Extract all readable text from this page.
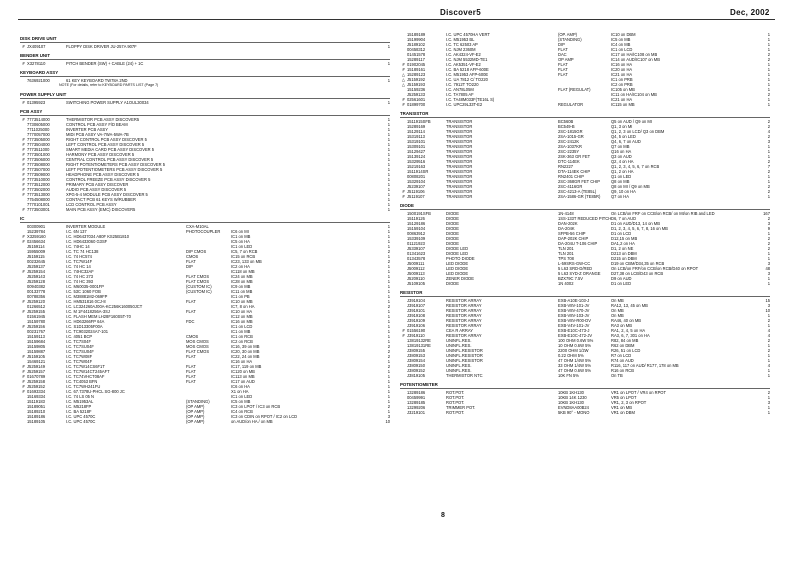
Discover5	Dec, 2002
DISK DRIVE UNIT
# JX409107	FLOPPY DISK DRIVER JU-257A 907F	1
BENDER UNIT
# X3278110	PITCH BENDER (SW) + CABLE (24) + 1C	1
KEYBOARD ASSY
7636921000	61 KEY KEYBOARD TW78A 2ND	1
NOTE (For details, refer to KEYBOARD PARTS LIST (Page 7)
POWER SUPPLY UNIT
# 01395923	SWITCHING POWER SUPPLY A1OUL30034	1
PCB ASSY
# 7773514000	THERMISTOR PCB ASSY DISCOVER5	1
7730605000	CONTROL PCB ASSY F/D BEAM	1
7711025000	INVERTER PCB ASSY	1
7770057000	MIDI PCB ASSY VA-7WA-5WA-7B	1
# 7773505000	RIGHT CONTROL PCB ASSY DISCOVER 5	1
# 7773504000	LEFT CONTROL PCB ASSY DISCOVER 5	1
# 7773511000	SMART MEDIA CARD PCB ASSY DISCOVER 5	1
# 7773501000	HARMONY PCB ASSY DISCOVER 5	1
# 7773506000	CENTRAL CONTROL PCB ASSY DISCOVER 5	1
# 7773508000	RIGHT POTENTIOMETERS PCB ASSY DISCOVER 5	1
# 7773507000	LEFT POTENTIOMETERS PCB ASSY DISCOVER 5	1
# 7773509000	HEADPHONE PCB ASSY DISCOVER 5	1
# 7773510000	CONTROL FREEZE PCB ASSY DISCOVER 5	1
# 7773512000	PRIMARY PCB ASSY DISCOVER	1
# 7773502000	AUDIO PCB ASSY DISCOVER 5	1
# 7773513000	XPG-5-4 MODULE PCB ASSY DISCOVER 5	1
7754508000	CONTACT PCB 61 KEYS W/RUBBER	1
7770101001	LCD CONTROL PCB ASSY	1
# 7773503001	MAIN PCB ASSY (EMC) DISCOVER5	1
IC
00300901	INVERTER MODULE	CXA-M10AL	1
15239784	I.C. 6N 137	PHOTOCOUPLER	IC6 on MI	1
# X3259160	I.C. HD6437034 A80F KS25B1810	IC1 on MB	1
# 02456634	I.C. HD6433060 G3SF	IC5 on HA	1
J5159114	I.C. 74HC 14	IC1 on LED	1
15955009	I.C. TC 74 HC138	DIP CMOS	IC5, 7 on RCB	2
J5159115	I.C. 74 HC574	CMOS	IC15 on RCB	1
00232645	I.C. TC7W14F	FLAT	IC23, 133 on MB	2
J5259137	I.C. 74 HC 14	DIP	IC2 on HA	1
# J5259154	I.C. 74HC32AF	IC118 on MB	1
J5259143	I.C. 74 HC 273	FLAT CMOS	IC24 on MB	1
J5259128	I.C. 74 HC 393	FLAT CMOS	IC28 on MB	1
00940382	I.C. M60035-0001FP	(CUSTOM IC)	IC9 on MB	1
00133778	I.C. 53C 1060 FOB	(CUSTOM IC)	IC11 on MB	1
00788356	I.C. M38881M2-069FP	IC1 on PB	1
# J5259120	I.C. HM531816 0CJ-8	FLAT	IC10 on MB	1
01266512	I.C. LC324260AJ00A-KC256K160050JCT	IC7, 8 on HA	2
# J5259155	I.C. M 1F4418256A-3SJ	FLAT	IC10 on HA	1
01561945	I.C. FLASH MEM LH28F160S5T-70	IC12 on MB	1
15159780	I.C. HD63266FP 64A	FDC	IC16 on MB	1
# J5259156	I.C. S1D13305F00A	IC1 on LCD	1
00231767	I.C. TC9032024A7-101	IC1 on MB	1
15159113	I.C. 4051 BCP	CMOS	IC1 on RCB	1
15159684	I.C. TC7S04F	MOS CMOS	IC2 on RCB	1
15159805	I.C. TC7SU04F	MOS CMOS	IC16, 39 on MB	2
15159887	I.C. TC7SU04F	FLAT CMOS	IC20, 30 on MB	2
# J5159105	I.C. TC7W08F	FLAT	IC22, 24 on MB	2
15469121	I.C. TC7W04F	IC16 on HA	1
# J5259149	I.C. TC7W14CS6F1T	FLAT	IC17, 119 on MB	2
# J5259157	I.C. TC7W14CT245AFT	FLAT	IC120 on MB	1
# 01670789	I.C. TC74VHCT08AF	FLAT	IC113 on MB	1
# J5259158	I.C. TC4053 BFN	FLAT	IC17 on AUD	1
# J5259152	I.C. TC7WH241FU	IC6 on HA	1
# 01693334	I.C. 67.7378U-PHCL SG-800 JC	X1 on HA	1
15169334	I.C. 74 LS 05 N	IC1 on LED	1
15119183	I.C. M51953AL	(STANDING)	IC5 on MB	1
15189051	I.C. M5218FP	(OP AMP)	IC3 on LPOT / IC3 on RCB	2
15189210	I.C. BA 5218F	(OP AMP)	IC4 on RCB	1
15189186	I.C. UPC 4570C	(OP AMP)	IC3 on CDIN on RPOT / IC2 on LCD	3
15189105	I.C. UPC 4570C	(OP AMP)	on AUD/on HA / on MB	10
15189189	I.C. UPC 4570HA VERT	(OP. AMP)	IC10 on DBM	1
15199904	I.C. M51953 BL	(STANDING)	IC5 on MB	1
J5189102	I.C. TC 62503 AP	DIP	IC4 on MB	1
00458312	I.C. NJM 2360M	FLAT	IC1 on LCD	1
01451578	I.C. AK4324-VF-E2	DAC	IC17 on HA/IC108 on MB	2
15289117	I.C. NJM 5532MD-TE1	OP AMP	IC14 on AUD/IC107 on MB	2
# 01902045	I.C. AK5351-VF-E2	FLAT	IC16 on HA	1
# 15189161	I.C. BA 5218 AFP-600E	FLAT	IC20 on HA	1
△ 15289123	I.C. M51953 AFP-600E	FLAT	IC21 on HA	1
△ J5159192	I.C. UA 7812 C/ TO220	IC1 on PRB	1
△ J5159193	I.C. 7912T TO220	IC2 on PRB	1
15159236	I.C. AN78L05M	FLAT (REGULAT)	IC105 on MB	1
J5259133	I.C. TA7805 AF	IC11 on HA/IC104 on MB	2
# 02561601	I.C. TA48M033F(TE16L S)	IC21 on HA	1
# 01899700	I.C. UPC29L33T-E2	REGULATOR	IC115 on MB	1
TRANSISTOR
1511915SFB	TRANSISTOR	BC560B	Q5 on AUD / Q9 on MI	2
15289169	TRANSISTOR	BC549-B	Q1, 3 on MI	2
15129114	TRANSISTOR	2SC-1815GR	Q1, 2, 3 on LCD/ Q3 on DBM	4
15319113	TRANSISTOR	2SA-1015-GR	Q4, 5 on LED	2
15319101	TRANSISTOR	2SC-2412K	Q4, 6, 7 on AUD	3
15309101	TRANSISTOR	2SA-1037KR	Q7 on MB	1
15129427	TRANSISTOR	2SC-2235Y	Q16 on HA	1
15139124	TRANSISTOR	2SK-363 GR FET	Q3 on AUD	1
15329516	TRANSISTOR	DTC-114EK	Q2, 4 on HA	2
15219163	TRANSISTOR	RN2227	Q1, 2, 3, 4, 5, 6, 7 on RCB	7
1511914SR	TRANSISTOR	DTA-114EK CHIP	Q1, 2 on HA	2
00808201	TRANSISTOR	RN2401 CHIP	Q1 on LED	1
15329104	TRANSISTOR	2SC-368GR FET CHIP	Q8 on MB	1
J5239107	TRANSISTOR	2SC-4116GR	Q8 on MI / Q9 on MB	2
# J5119106	TRANSISTOR	2SC-4213-A (TE85L)	Q9, 10 on HA	2
# J5119107	TRANSISTOR	2SA-1586-GR (TE85R)	Q7 on HA	1
DIODE
1500191SFB	DIODE	1N-4148	On LCB/on FRF on CCB/on RCB/ on MI/on RIB and LED	167
15119126	DIODE	1SS-133T REDUCED PITCH D6, 7 on AUD	2
15129186	DIODE	DAN-202K	D1 on AUD/D13, 14 on MB	3
15159104	DIODE	DA-204K	D1, 2, 3, 4, 5, 6, 7, 8, 16 on MB	9
00863912	DIODE	SFPB-56 CHIP	D1 on LCD	1
15339109	DIODE	DAP-202K CHIP	D12,15 on MB	2
01121923	DIODE	DA-204U T-106 CHIP	DA1,2 on HA	2
J5339107	DIODE LED	TLN 201	D1, 2 on NE	2
01341623	DIODE LED	TLN 201	D213 on DBM	1
01343578	PHOTO DIODE	TPS 708	D215 on DBM	1
J5009111	LED DIODE	L-59SRS-GW-CC	D19 on CBM/D34,35 on RCB	3
J5009112	LED DIODE	5 L63 SRD-D/RED	On LCB/on FRF/on CCB/on RCB/D40 on RPOT	48
J5009113	LED DIODE	5 L63 SYD-Z ORANGE	D27,38 on LCB/D43 on RCB	3
J5209110	ZENER DIODE	BZX79C 7.5V	D9 on AUD	1
J5109105	DIODE	1N 4002	D1 on LED	1
RESISTOR
J3919104	RESISTOR ARRAY	EXB-A10E-103-J	On MB	15
J3919107	RESISTOR ARRAY	EXB-V8V-101-JV	RA12, 13, 45 on MB	3
J3919101	RESISTOR ARRAY	EXB-V8V-470-JV	On MB	10
J3919108	RESISTOR ARRAY	EXB-V8V-103-JV	On MB	1
J3919109	RESISTOR ARRAY	EXB-V8V-R00-DV	RA46, 40 on MB	2
J3919106	RESISTOR ARRAY	EXB-V4V-101-JV	RA3 on MB	1
# 01556190	CEA R ARRAY	EXB-E10C-473-J	RA1, 2, 4, 5 on HA	4
# J3919110	RESISTOR ARRAY	EXB-E10C-472-JV	RA3, 6, 7, 301 on HA	4
13819132RE	UNINFL.RES.	100 OHM 0.6W 5%	R82, 84 on MB	2
13819131RE	UNINFL.RES.	10 OHM 0.6W 5%	R62 on DBM	1
J3809155	UNINFL.RESISTOR	2200 OHM 1/2W	R26, 51 on LCD	2
J3809153	UNINFL.RESISTOR	0.22 OHM 5%	R7 on LCD	1
J3809154	UNINFL.RESISTOR	47 OHM 1/4W 5%	R74 on AUD	1
J3809150	UNINFL.RES.	33 OHM 1/4W 5%	R116, 117 on AUD/ R177, 178 on MB	4
J3809152	UNINFL.RES.	47 OHM 0.6W 5%	R16 on RCB	1
J3819105	THERMISTOR NTC	10K FN 5%	On TB	1
POTENTIOMETER
13289186	ROT.POT.	10KB 1KH130	VR1 on LPOT / VR4 on RPOT	2
00459991	ROT.POT.	10KB 14K 1230	VR5 on LPOT	1
13289185	ROT.POT.	10KB 1KH130	VR1, 2, 3 on RPOT	3
13299206	TRIMMER POT.	EVND8AA00B24	VR1 on MB	1
J3219101	ROT.POT.	5KB 90° - MONO	VR1 on DBM	1
8
